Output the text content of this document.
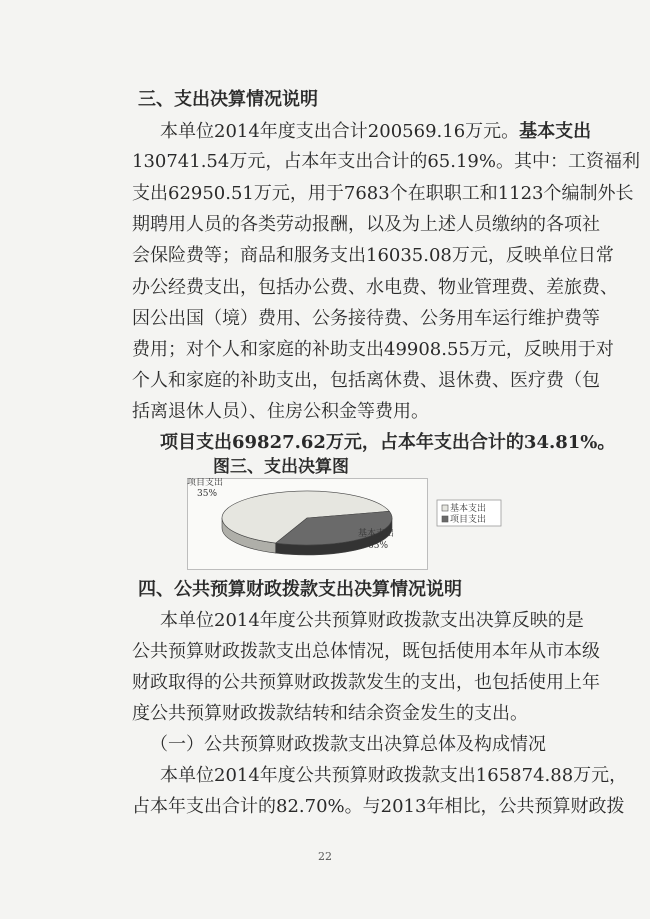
三、支出决算情况说明
本单位2014年度支出合计200569.16万元。基本支出
130741.54万元，占本年支出合计的65.19%。其中：工资福利
支出62950.51万元，用于7683个在职职工和1123个编制外长
期聘用人员的各类劳动报酬，以及为上述人员缴纳的各项社
会保险费等；商品和服务支出16035.08万元，反映单位日常
办公经费支出，包括办公费、水电费、物业管理费、差旅费、
因公出国（境）费用、公务接待费、公务用车运行维护费等
费用；对个人和家庭的补助支出49908.55万元，反映用于对
个人和家庭的补助支出，包括离休费、退休费、医疗费（包
括离退休人员）、住房公积金等费用。
项目支出69827.62万元，占本年支出合计的34.81%。
图三、支出决算图
项目支出
35%
基本支出
65%
基本支出
项目支出
四、公共预算财政拨款支出决算情况说明
本单位2014年度公共预算财政拨款支出决算反映的是
公共预算财政拨款支出总体情况，既包括使用本年从市本级
财政取得的公共预算财政拨款发生的支出，也包括使用上年
度公共预算财政拨款结转和结余资金发生的支出。
（一）公共预算财政拨款支出决算总体及构成情况
本单位2014年度公共预算财政拨款支出165874.88万元，
占本年支出合计的82.70%。与2013年相比，公共预算财政拨
22
